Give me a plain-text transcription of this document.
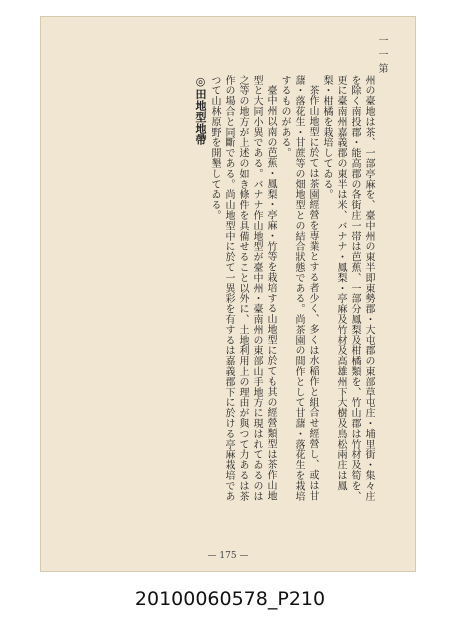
一一第

州の臺地は茶、一部亭麻を、臺中州の東半即東勢郡・大屯郡の東部草屯庄・埔里街・集々庄を除く南投郡・能高郡の各街庄一帯は芭蕉、一部分鳳梨及柑橘類を、竹山郡は竹材及筍を、更に臺南州嘉義郡の東半は米、バナナ・鳳梨・亭麻及竹材及高雄州下大樹及鳥松兩庄は鳳梨・柑橘を栽培してゐる。

茶作山地型に於ては茶園經營を専業とする者少く、多くは水稲作と組合せ經營し、或は甘藷・落花生・甘蔗等の畑地型との結合狀態である。尚茶園の間作として甘藷・落花生を栽培するものがある。

臺中州以南の芭蕉・鳳梨・亭麻・竹等を栽培する山地型に於ても其の經營類型は茶作山地型と大同小異である。バナナ作山地型が臺中州・臺南州の東部山手地方に現はれてゐるのは之等の地方が上述の如き條件を具備せること以外に、土地利用上の理由が與つて力あるは茶作の場合と同斷である。尚山地型中に於て一異彩を有するは嘉義郡下に於ける亭麻栽培であつて山林原野を開墾してゐる。

◎田地型地帶

— 175 —
20100060578_P210
